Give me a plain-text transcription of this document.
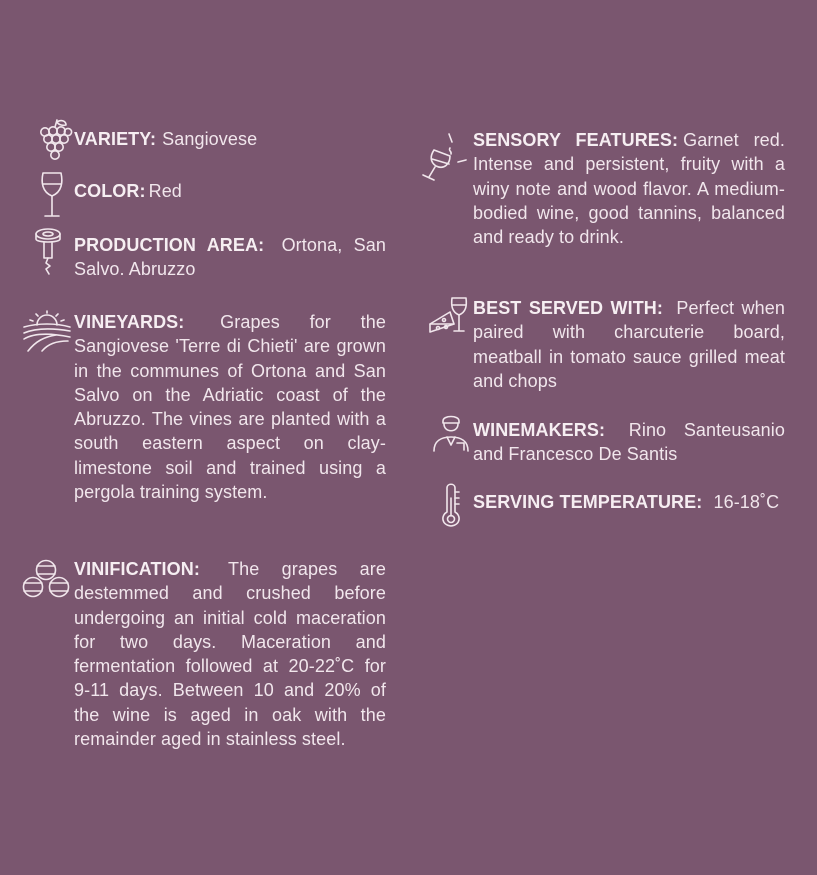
VARIETY: Sangiovese
COLOR: Red
PRODUCTION AREA: Ortona, San Salvo. Abruzzo
VINEYARDS: Grapes for the Sangiovese 'Terre di Chieti' are grown in the communes of Ortona and San Salvo on the Adriatic coast of the Abruzzo. The vines are planted with a south eastern aspect on clay-limestone soil and trained using a pergola training system.
VINIFICATION: The grapes are destemmed and crushed before undergoing an initial cold maceration for two days. Maceration and fermentation followed at 20-22˚C for 9-11 days. Between 10 and 20% of the wine is aged in oak with the remainder aged in stainless steel.
SENSORY FEATURES: Garnet red. Intense and persistent, fruity with a winy note and wood flavor. A medium-bodied wine, good tannins, balanced and ready to drink.
BEST SERVED WITH: Perfect when paired with charcuterie board, meatball in tomato sauce grilled meat and chops
WINEMAKERS: Rino Santeusanio and Francesco De Santis
SERVING TEMPERATURE: 16-18˚C
